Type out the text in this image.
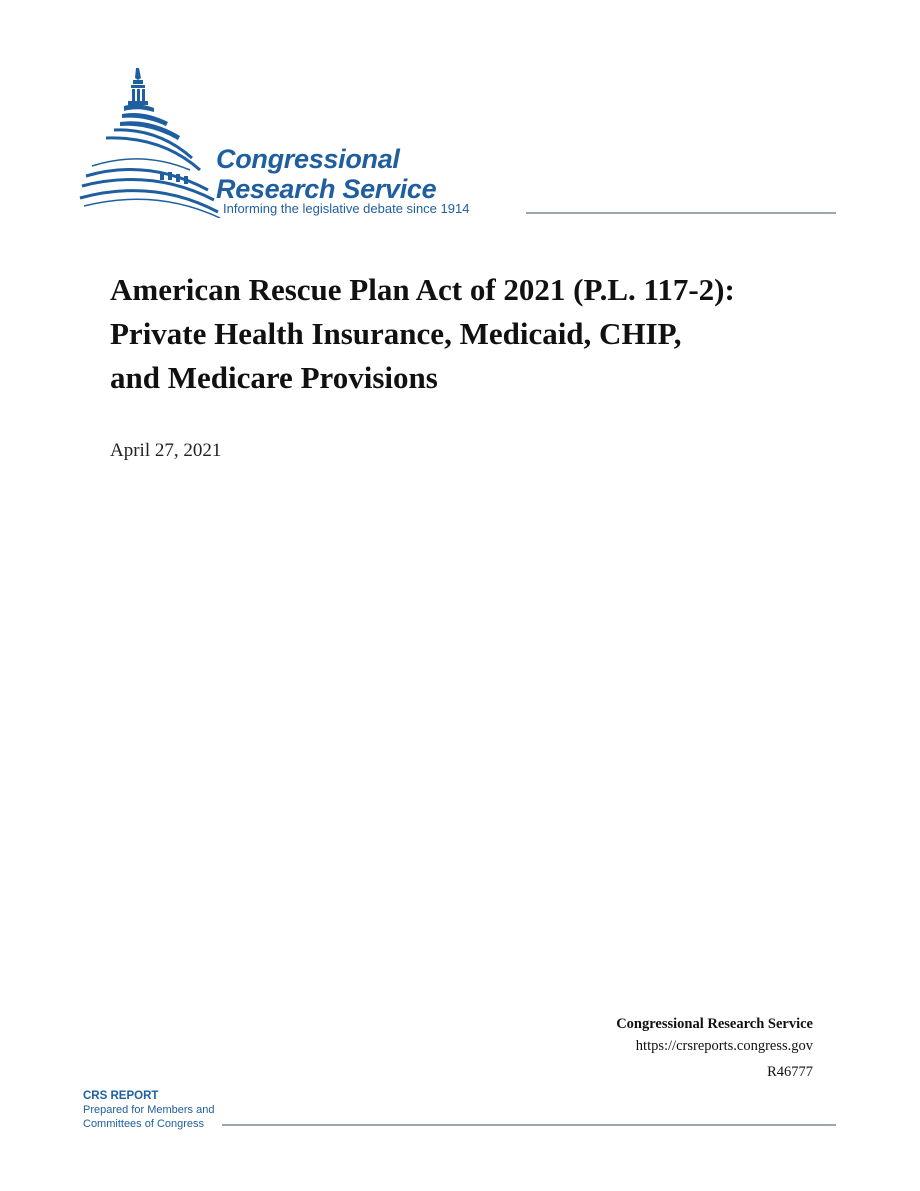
Congressional
Research Service
Informing the legislative debate since 1914
American Rescue Plan Act of 2021 (P.L. 117-2):
Private Health Insurance, Medicaid, CHIP,
and Medicare Provisions
April 27, 2021
Congressional Research Service
https://crsreports.congress.gov
R46777
CRS REPORT
Prepared for Members and
Committees of Congress
